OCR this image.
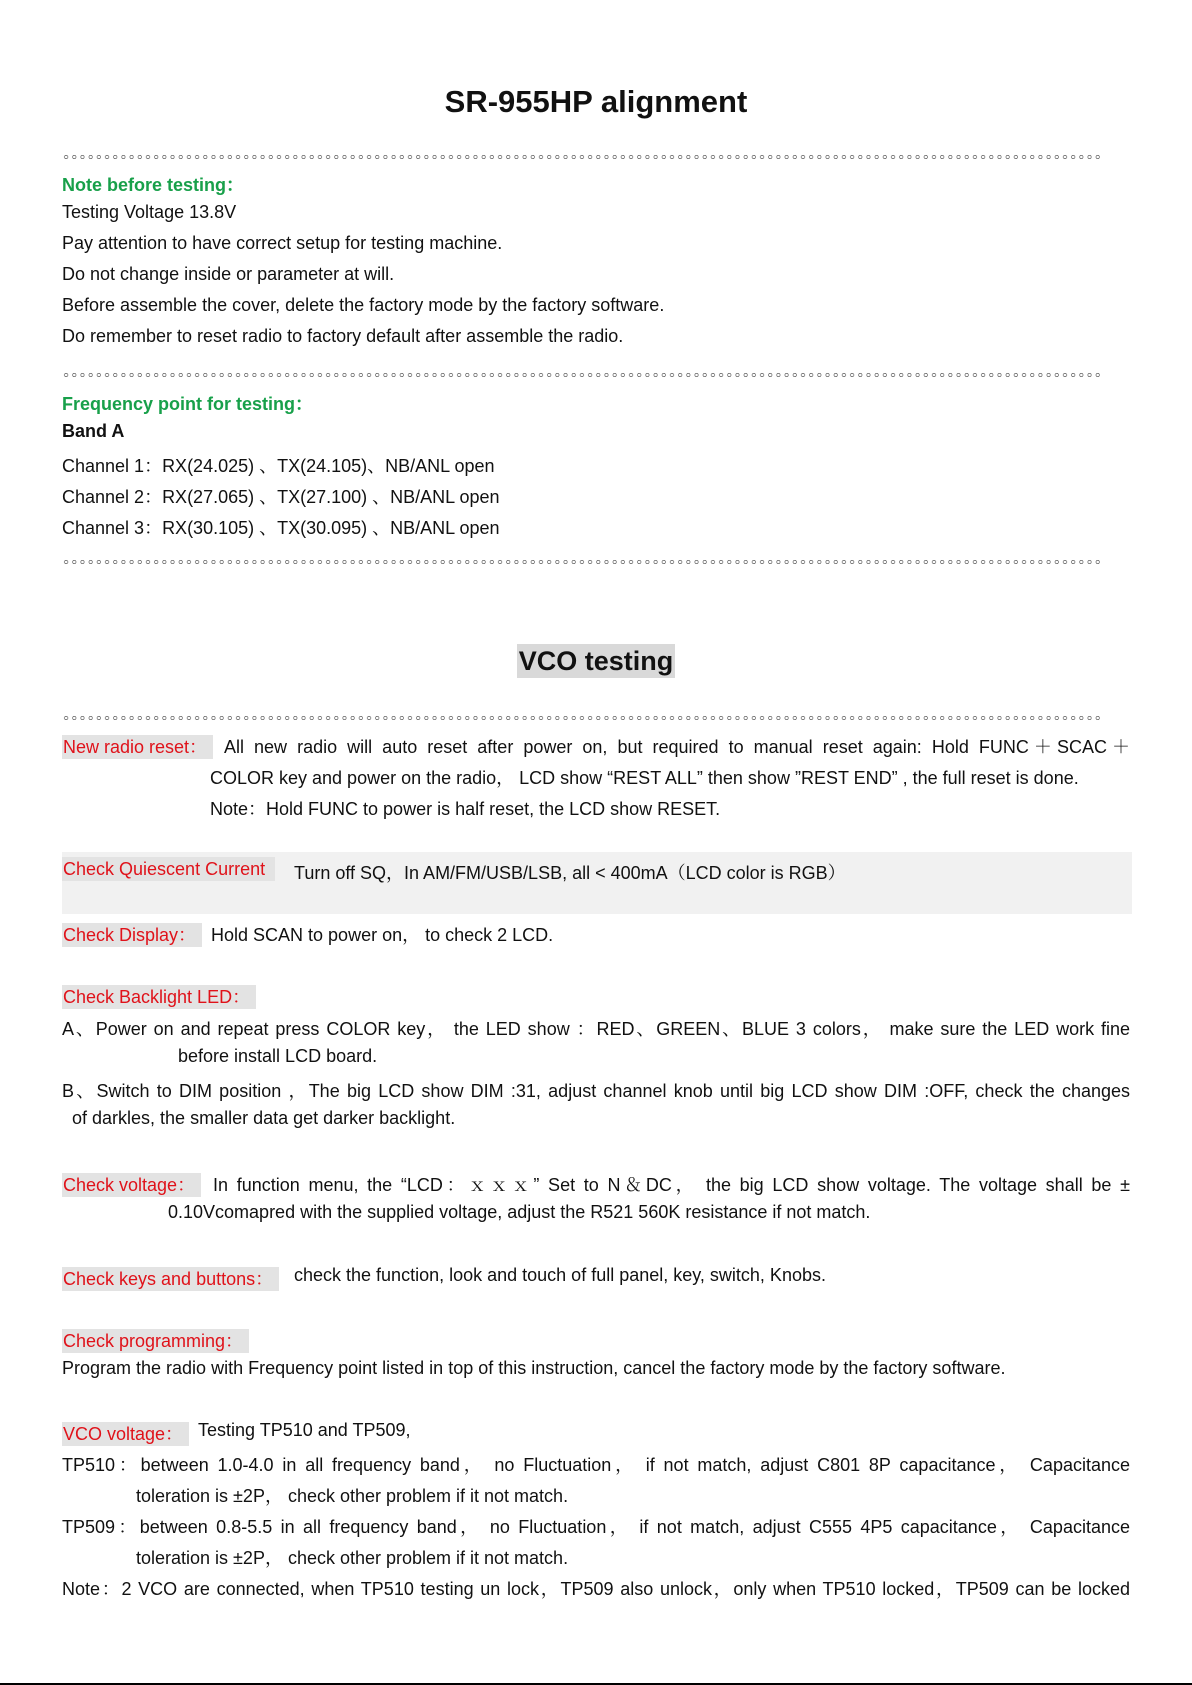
SR-955HP alignment
Note before testing：
Testing Voltage 13.8V
Pay attention to have correct setup for testing machine.
Do not change inside or parameter at will.
Before assemble the cover, delete the factory mode by the factory software.
Do remember to reset radio to factory default after assemble the radio.
Frequency point for testing：
Band A
Channel 1：RX(24.025) 、TX(24.105)、NB/ANL open
Channel 2：RX(27.065) 、TX(27.100) 、NB/ANL open
Channel 3：RX(30.105) 、TX(30.095) 、NB/ANL open
VCO testing
New radio reset： All new radio will auto reset after power on, but required to manual reset again: Hold FUNC＋SCAC＋
COLOR key and power on the radio， LCD show “REST ALL” then show ”REST END” , the full reset is done.
Note：Hold FUNC to power is half reset, the LCD show RESET.
Check Quiescent Current	Turn off SQ，In AM/FM/USB/LSB, all < 400mA（LCD color is RGB）
Check Display： Hold SCAN to power on， to check 2 LCD.
Check Backlight LED：
A、Power on and repeat press COLOR key， the LED show ：RED、GREEN、BLUE 3 colors， make sure the LED work fine
before install LCD board.
B、Switch to DIM position ，The big LCD show DIM :31, adjust channel knob until big LCD show DIM :OFF, check the changes
of darkles, the smaller data get darker backlight.
Check voltage： In function menu, the “LCD：ｘｘｘ” Set to N＆DC， the big LCD show voltage. The voltage shall be ±
0.10Vcomapred with the supplied voltage, adjust the R521 560K resistance if not match.
Check keys and buttons：	check the function, look and touch of full panel, key, switch, Knobs.
Check programming：
Program the radio with Frequency point listed in top of this instruction, cancel the factory mode by the factory software.
VCO voltage： Testing TP510 and TP509,
TP510：between 1.0-4.0 in all frequency band， no Fluctuation， if not match, adjust C801 8P capacitance， Capacitance
toleration is ±2P， check other problem if it not match.
TP509：between 0.8-5.5 in all frequency band， no Fluctuation， if not match, adjust C555 4P5 capacitance， Capacitance
toleration is ±2P， check other problem if it not match.
Note：2 VCO are connected, when TP510 testing un lock，TP509 also unlock，only when TP510 locked，TP509 can be locked
